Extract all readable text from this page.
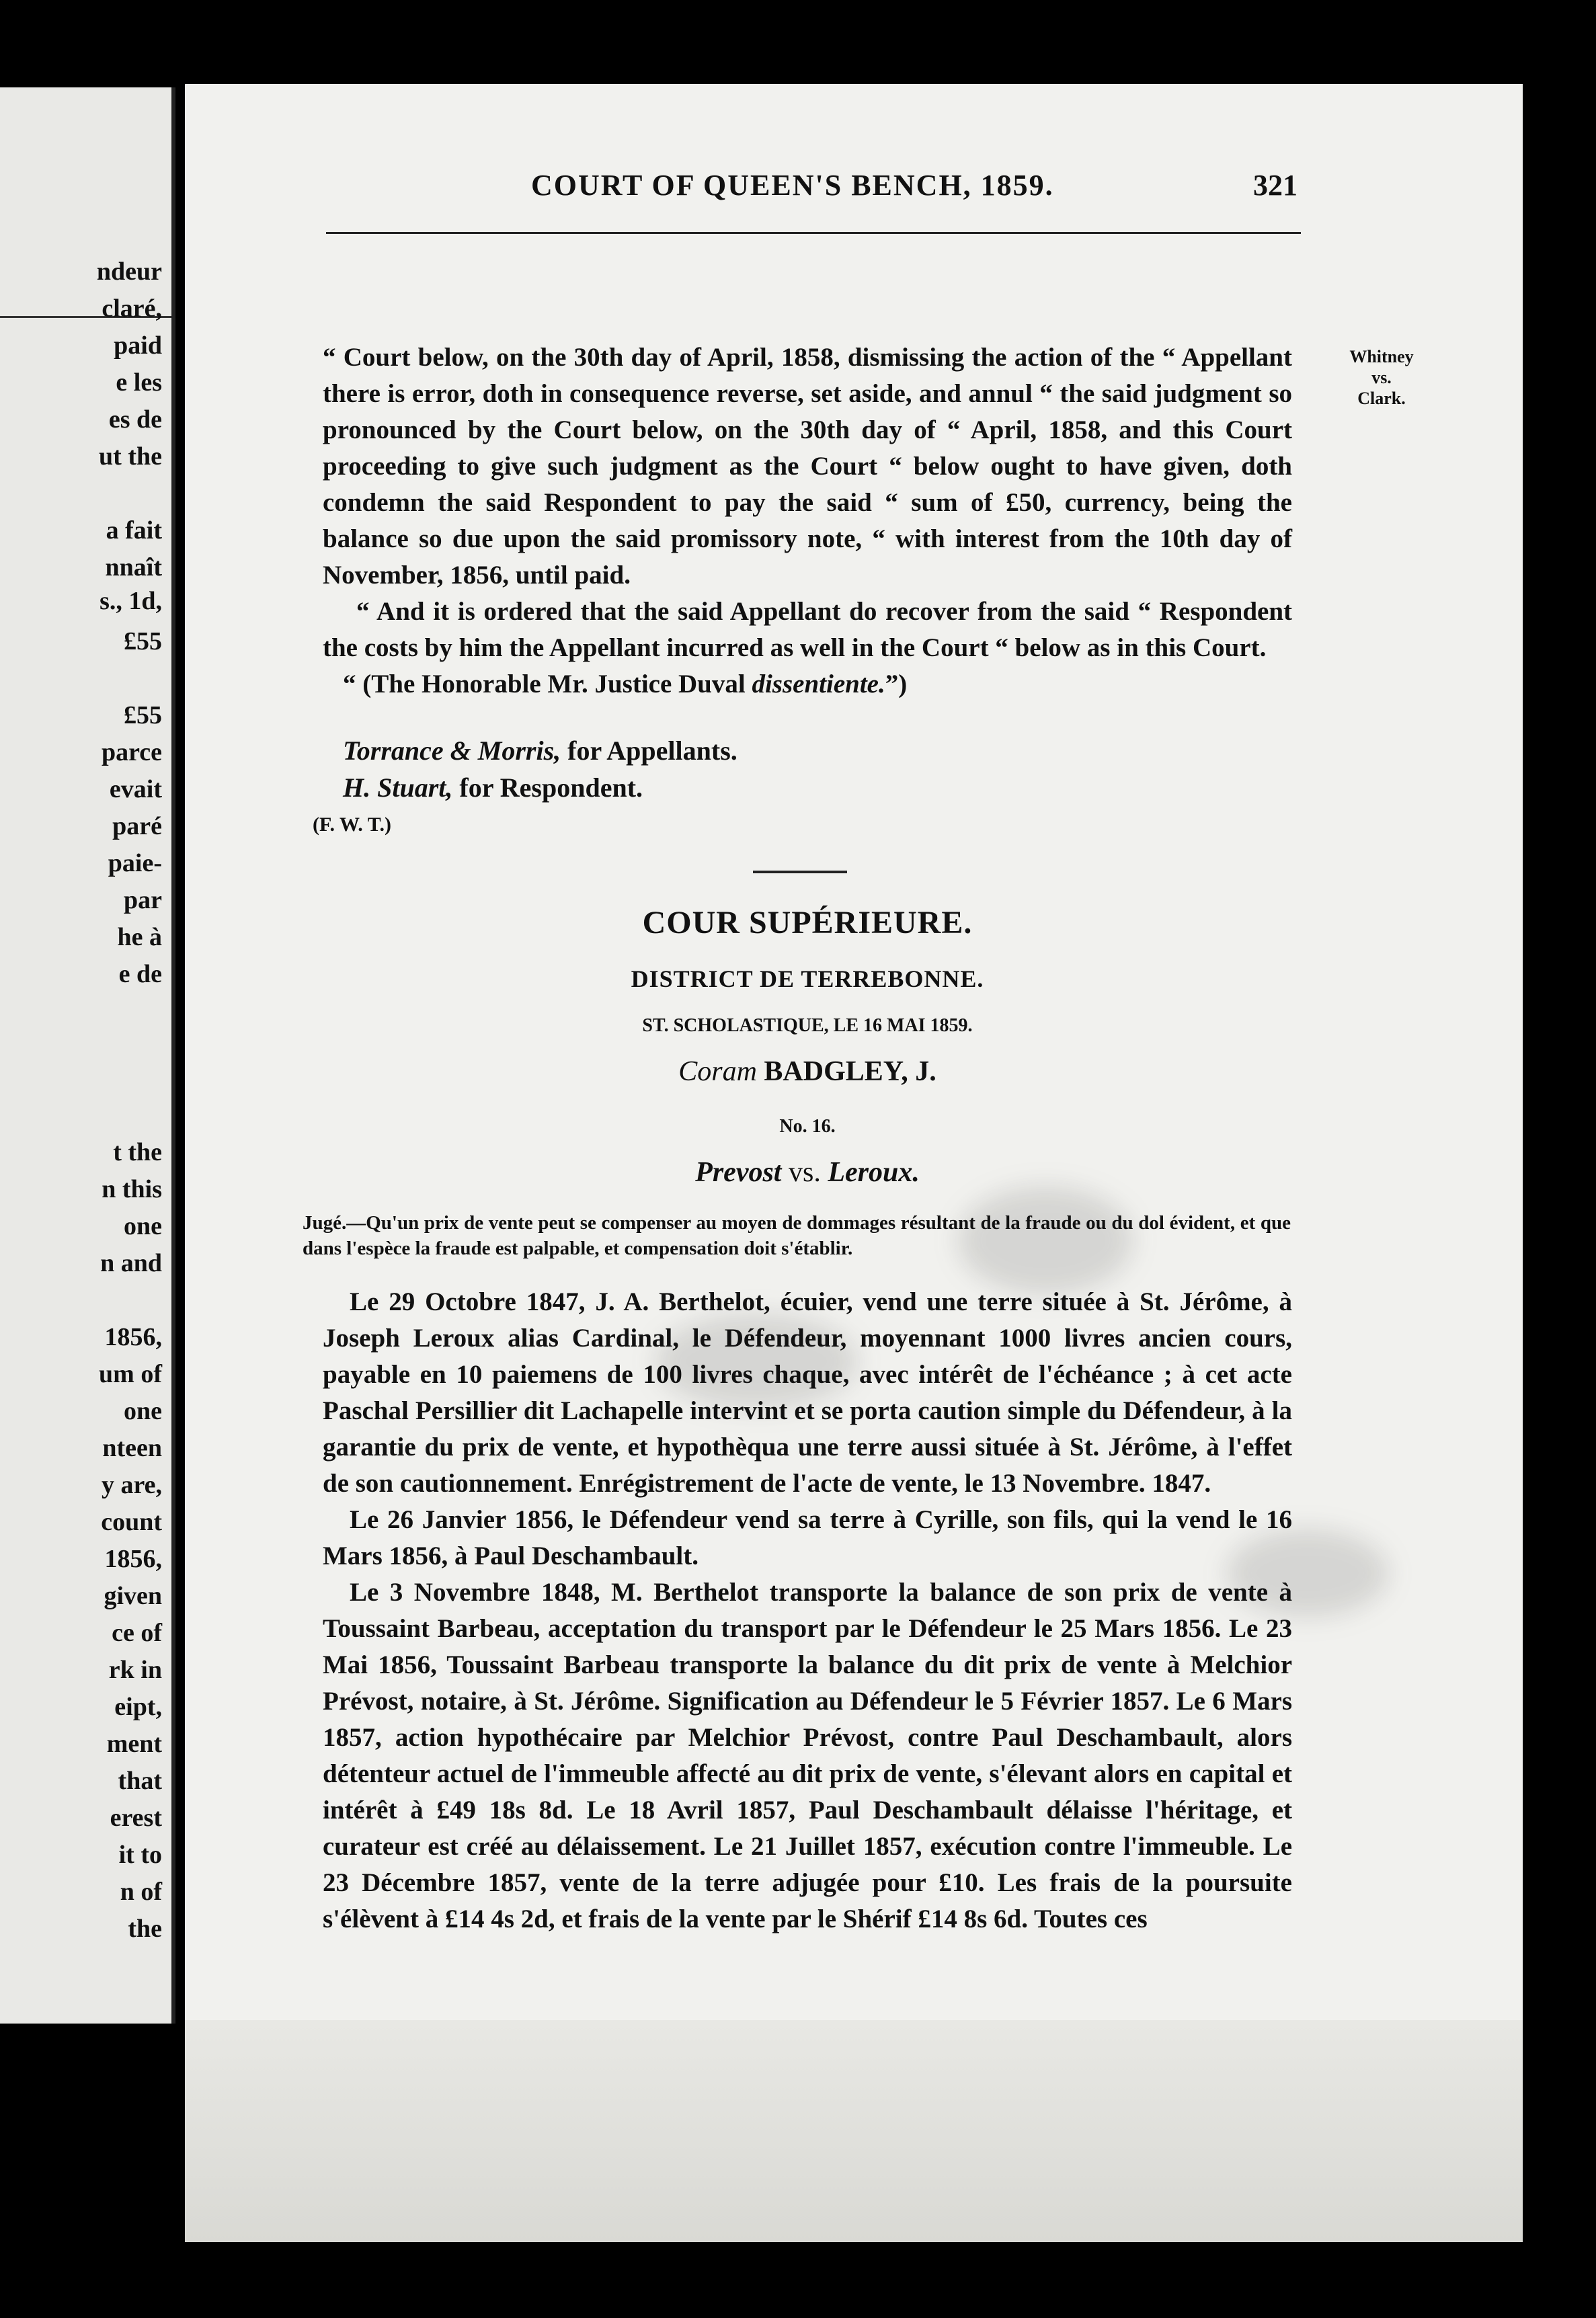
ndeur
claré,
paid
e les
es de
ut the
a fait
nnaît
s., 1d,
£55
£55
parce
evait
paré
paie-
par
he à
e de
t the
n this
one
n and
1856,
um of
one
nteen
y are,
count
1856,
given
ce of
rk in
eipt,
ment
that
erest
it to
n of
the
COURT OF QUEEN'S BENCH, 1859.	321
Whitney
vs.
Clark.

“ Court below, on the 30th day of April, 1858, dismissing the action of the “ Appellant there is error, doth in consequence reverse, set aside, and annul “ the said judgment so pronounced by the Court below, on the 30th day of “ April, 1858, and this Court proceeding to give such judgment as the Court “ below ought to have given, doth condemn the said Respondent to pay the said “ sum of £50, currency, being the balance so due upon the said promissory note, “ with interest from the 10th day of November, 1856, until paid.

“ And it is ordered that the said Appellant do recover from the said “ Respondent the costs by him the Appellant incurred as well in the Court “ below as in this Court.

“ (The Honorable Mr. Justice Duval dissentiente.”)

Torrance & Morris, for Appellants.
H. Stuart, for Respondent.
(F. W. T.)
COUR SUPÉRIEURE.
DISTRICT DE TERREBONNE.
ST. SCHOLASTIQUE, LE 16 MAI 1859.
Coram BADGLEY, J.
No. 16.
Prevost vs. Leroux.
Jugé.—Qu'un prix de vente peut se compenser au moyen de dommages résultant de la fraude ou du dol évident, et que dans l'espèce la fraude est palpable, et compensation doit s'établir.

Le 29 Octobre 1847, J. A. Berthelot, écuier, vend une terre située à St. Jérôme, à Joseph Leroux alias Cardinal, le Défendeur, moyennant 1000 livres ancien cours, payable en 10 paiemens de 100 livres chaque, avec intérêt de l'échéance ; à cet acte Paschal Persillier dit Lachapelle intervint et se porta caution simple du Défendeur, à la garantie du prix de vente, et hypothèqua une terre aussi située à St. Jérôme, à l'effet de son cautionnement. Enrégistrement de l'acte de vente, le 13 Novembre. 1847.

Le 26 Janvier 1856, le Défendeur vend sa terre à Cyrille, son fils, qui la vend le 16 Mars 1856, à Paul Deschambault.

Le 3 Novembre 1848, M. Berthelot transporte la balance de son prix de vente à Toussaint Barbeau, acceptation du transport par le Défendeur le 25 Mars 1856. Le 23 Mai 1856, Toussaint Barbeau transporte la balance du dit prix de vente à Melchior Prévost, notaire, à St. Jérôme. Signification au Défendeur le 5 Février 1857. Le 6 Mars 1857, action hypothécaire par Melchior Prévost, contre Paul Deschambault, alors détenteur actuel de l'immeuble affecté au dit prix de vente, s'élevant alors en capital et intérêt à £49 18s 8d. Le 18 Avril 1857, Paul Deschambault délaisse l'héritage, et curateur est créé au délaissement. Le 21 Juillet 1857, exécution contre l'immeuble. Le 23 Décembre 1857, vente de la terre adjugée pour £10. Les frais de la poursuite s'élèvent à £14 4s 2d, et frais de la vente par le Shérif £14 8s 6d. Toutes ces
